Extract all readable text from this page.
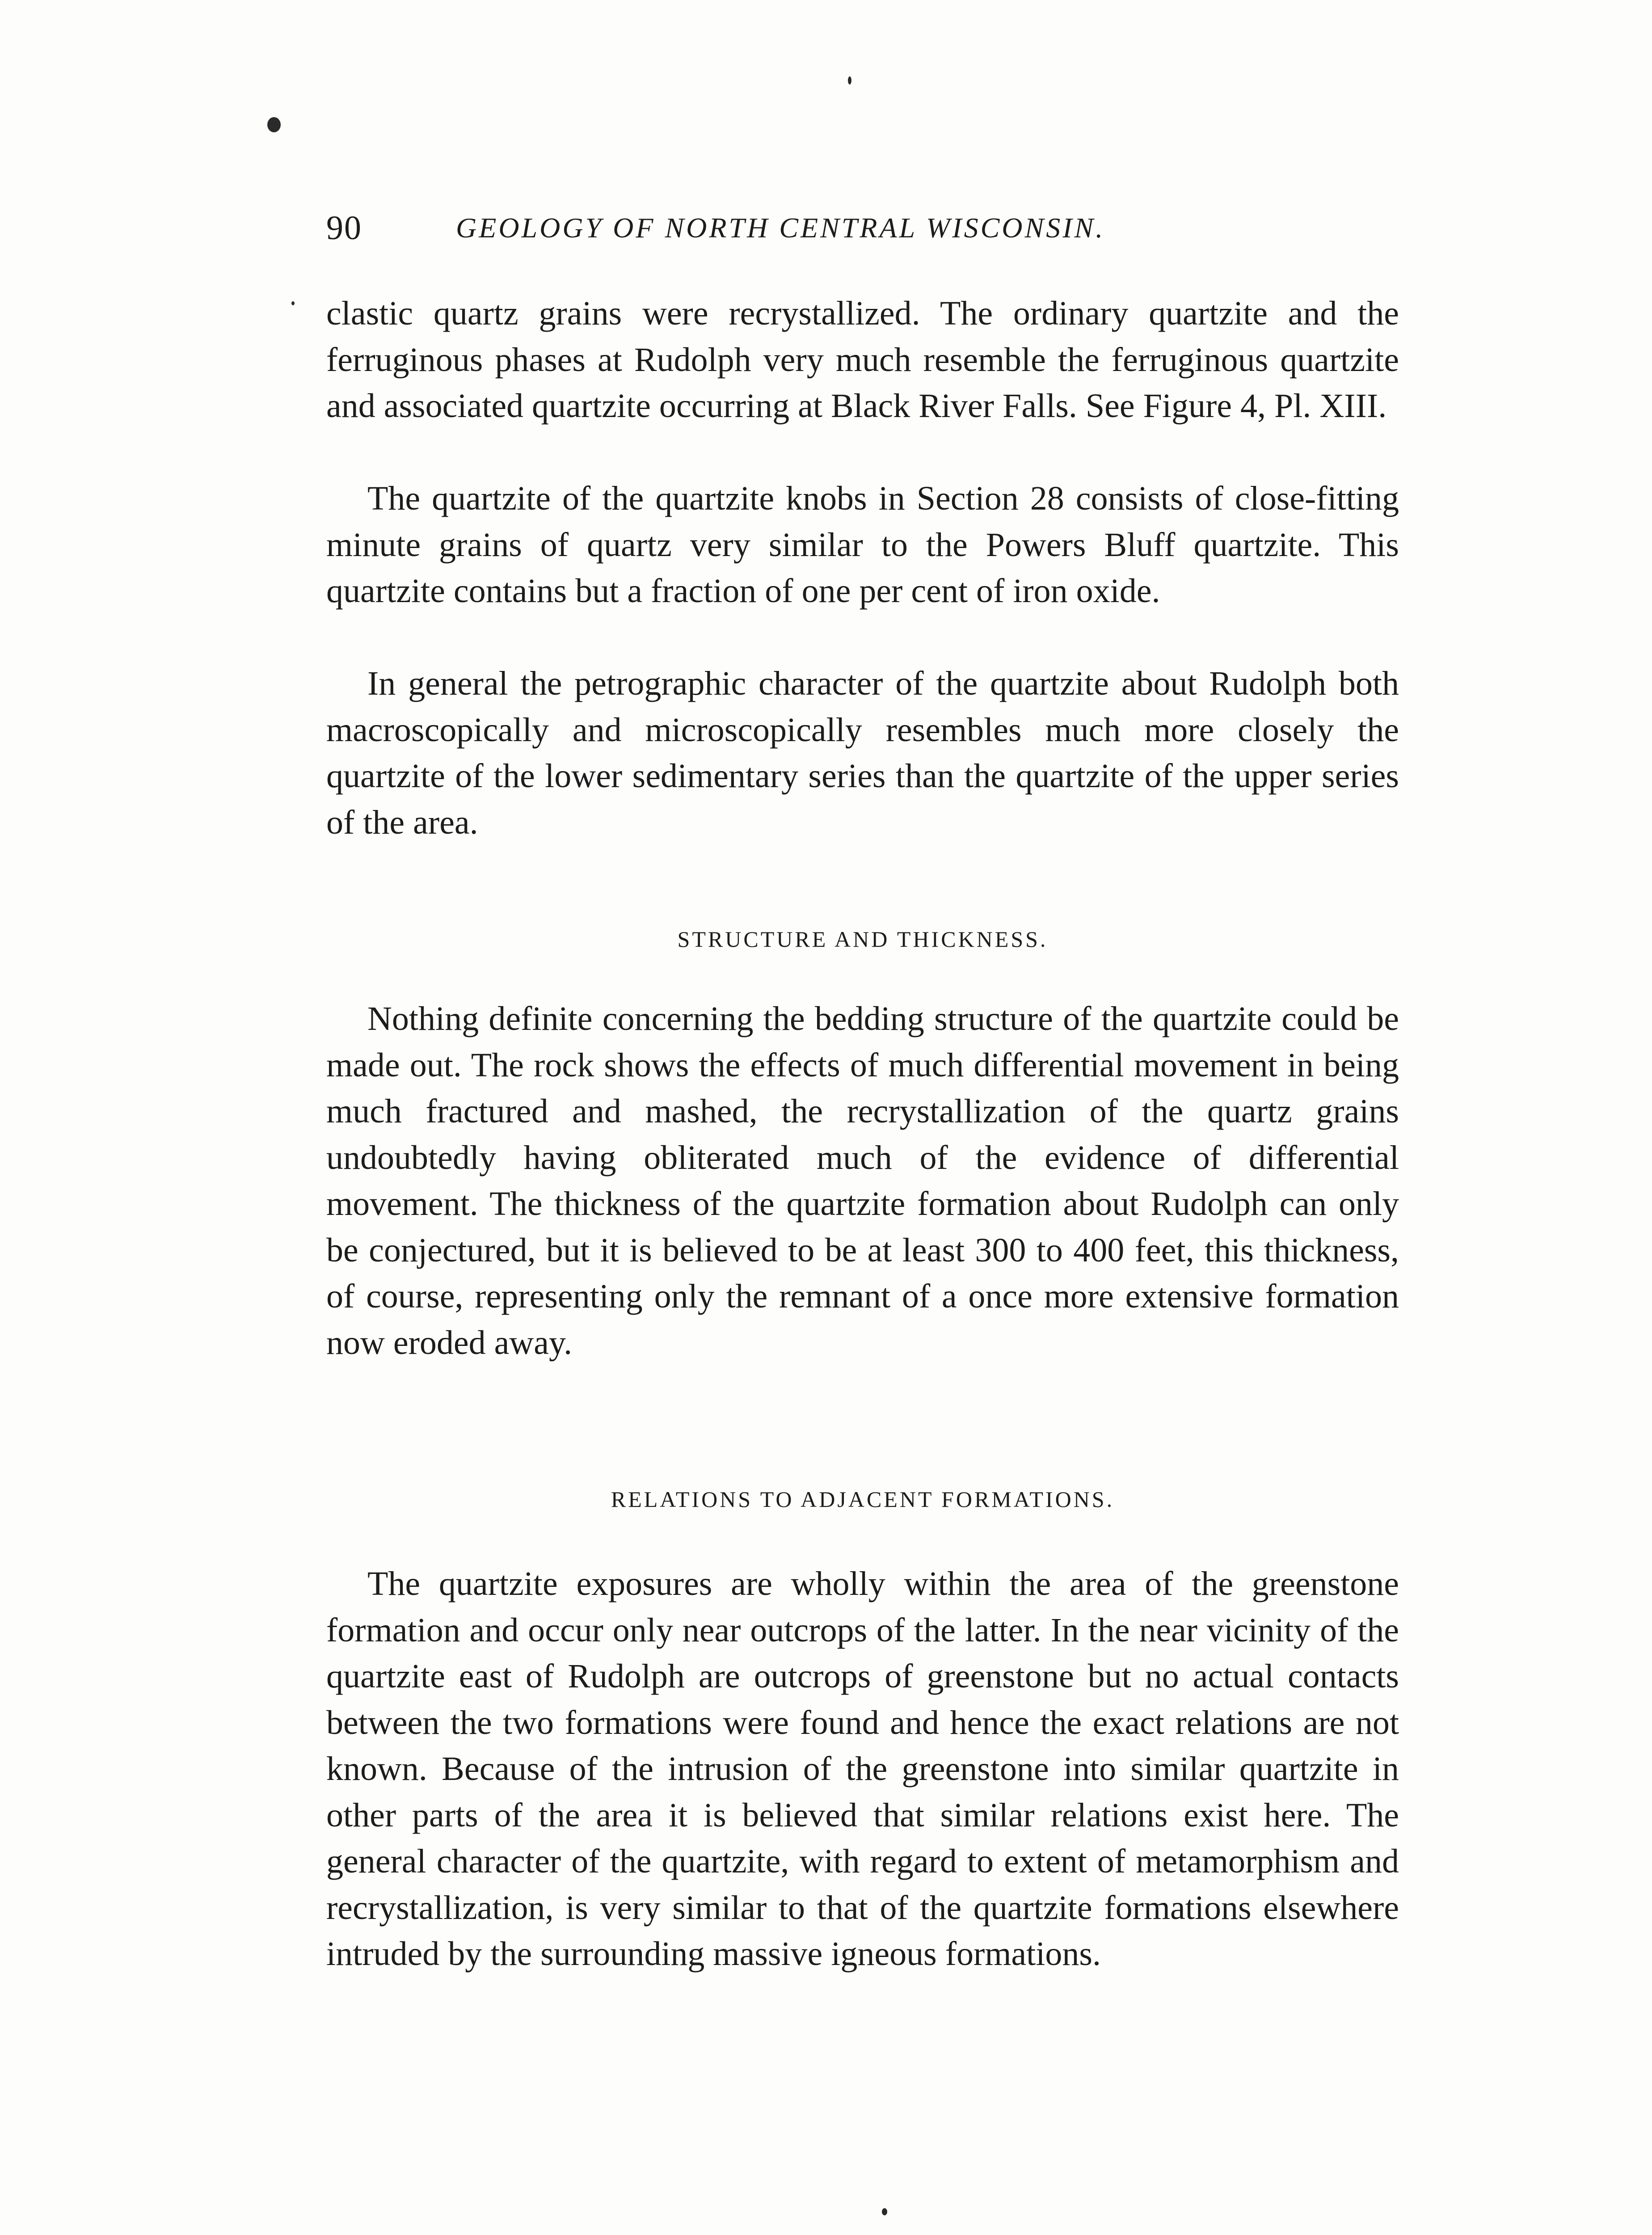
90	GEOLOGY OF NORTH CENTRAL WISCONSIN.

clastic quartz grains were recrystallized. The ordinary quartzite and the ferruginous phases at Rudolph very much resemble the ferruginous quartzite and associated quartzite occurring at Black River Falls. See Figure 4, Pl. XIII.

The quartzite of the quartzite knobs in Section 28 consists of close-fitting minute grains of quartz very similar to the Powers Bluff quartzite. This quartzite contains but a fraction of one per cent of iron oxide.

In general the petrographic character of the quartzite about Rudolph both macroscopically and microscopically resembles much more closely the quartzite of the lower sedimentary series than the quartzite of the upper series of the area.

STRUCTURE AND THICKNESS.

Nothing definite concerning the bedding structure of the quartzite could be made out. The rock shows the effects of much differential movement in being much fractured and mashed, the recrystallization of the quartz grains undoubtedly having obliterated much of the evidence of differential movement. The thickness of the quartzite formation about Rudolph can only be conjectured, but it is believed to be at least 300 to 400 feet, this thickness, of course, representing only the remnant of a once more extensive formation now eroded away.

RELATIONS TO ADJACENT FORMATIONS.

The quartzite exposures are wholly within the area of the greenstone formation and occur only near outcrops of the latter. In the near vicinity of the quartzite east of Rudolph are outcrops of greenstone but no actual contacts between the two formations were found and hence the exact relations are not known. Because of the intrusion of the greenstone into similar quartzite in other parts of the area it is believed that similar relations exist here. The general character of the quartzite, with regard to extent of metamorphism and recrystallization, is very similar to that of the quartzite formations elsewhere intruded by the surrounding massive igneous formations.
